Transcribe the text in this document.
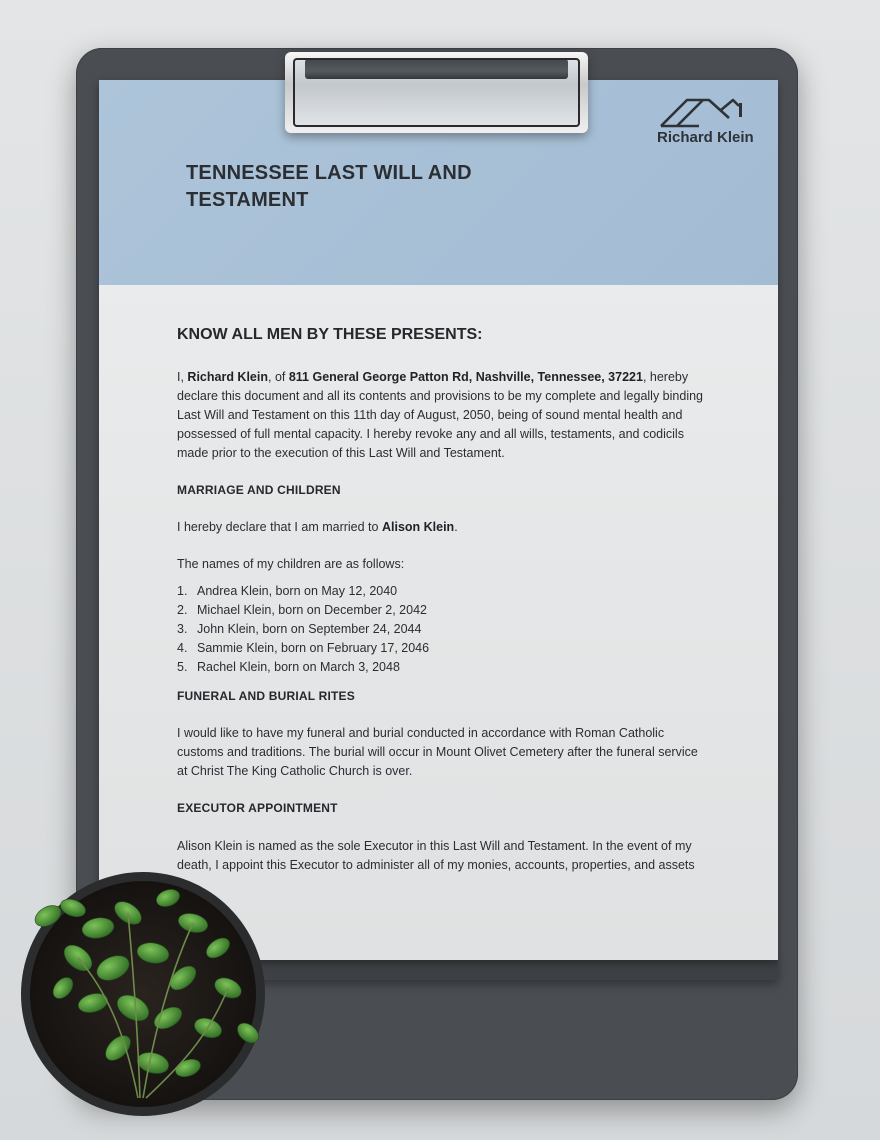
TENNESSEE LAST WILL AND TESTAMENT
Richard Klein
KNOW ALL MEN BY THESE PRESENTS:

I, Richard Klein, of 811 General George Patton Rd, Nashville, Tennessee, 37221, hereby declare this document and all its contents and provisions to be my complete and legally binding Last Will and Testament on this 11th day of August, 2050, being of sound mental health and possessed of full mental capacity. I hereby revoke any and all wills, testaments, and codicils made prior to the execution of this Last Will and Testament.

MARRIAGE AND CHILDREN

I hereby declare that I am married to Alison Klein.

The names of my children are as follows:

1. Andrea Klein, born on May 12, 2040
2. Michael Klein, born on December 2, 2042
3. John Klein, born on September 24, 2044
4. Sammie Klein, born on February 17, 2046
5. Rachel Klein, born on March 3, 2048
FUNERAL AND BURIAL RITES

I would like to have my funeral and burial conducted in accordance with Roman Catholic customs and traditions. The burial will occur in Mount Olivet Cemetery after the funeral service at Christ The King Catholic Church is over.

EXECUTOR APPOINTMENT

Alison Klein is named as the sole Executor in this Last Will and Testament. In the event of my death, I appoint this Executor to administer all of my monies, accounts, properties, and assets
